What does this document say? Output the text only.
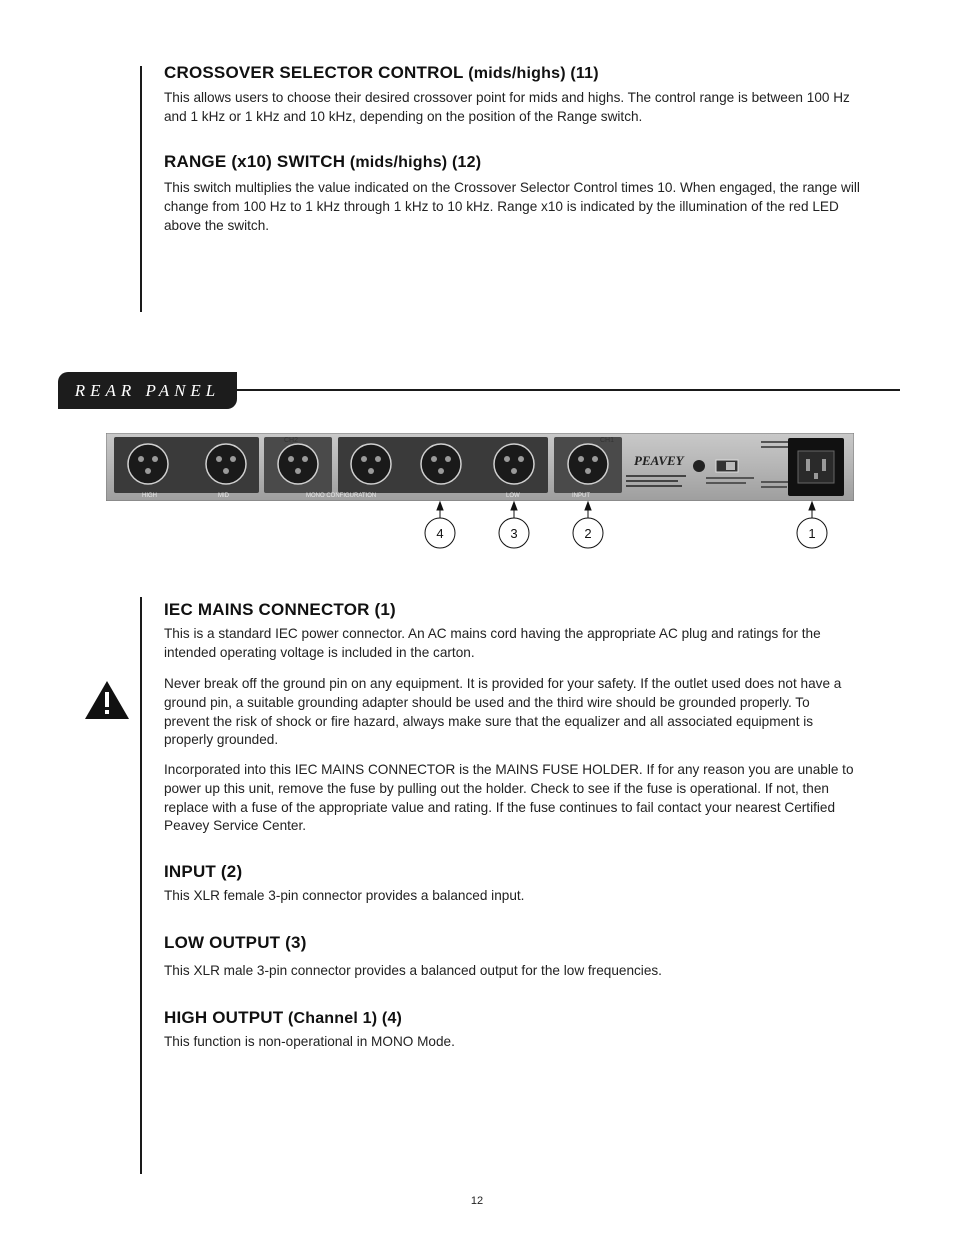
CROSSOVER SELECTOR CONTROL (mids/highs) (11)

This allows users to choose their desired crossover point for mids and highs. The control range is between 100 Hz and 1 kHz or 1 kHz and 10 kHz, depending on the position of the Range switch.

RANGE (x10) SWITCH (mids/highs) (12)

This switch multiplies the value indicated on the Crossover Selector Control times 10. When engaged, the range will change from 100 Hz to 1 kHz through 1 kHz to 10 kHz. Range x10 is indicated by the illumination of the red LED above the switch.

REAR PANEL
HIGH	MID	MONO CONFIGURATION	LOW	INPUT
CH2	CH1
PEAVEY
4	3	2	1
IEC MAINS CONNECTOR (1)

This is a standard IEC power connector. An AC mains cord having the appropriate AC plug and ratings for the intended operating voltage is included in the carton.

Never break off the ground pin on any equipment. It is provided for your safety. If the outlet used does not have a ground pin, a suitable grounding adapter should be used and the third wire should be grounded properly. To prevent the risk of shock or fire hazard, always make sure that the equalizer and all associated equipment is properly grounded.

Incorporated into this IEC MAINS CONNECTOR is the MAINS FUSE HOLDER. If for any reason you are unable to power up this unit, remove the fuse by pulling out the holder. Check to see if the fuse is operational. If not, then replace with a fuse of the appropriate value and rating. If the fuse continues to fail contact your nearest Certified Peavey Service Center.

INPUT (2)

This XLR female 3-pin connector provides a balanced input.

LOW OUTPUT (3)

This XLR male 3-pin connector provides a balanced output for the low frequencies.

HIGH OUTPUT (Channel 1) (4)

This function is non-operational in MONO Mode.

12
